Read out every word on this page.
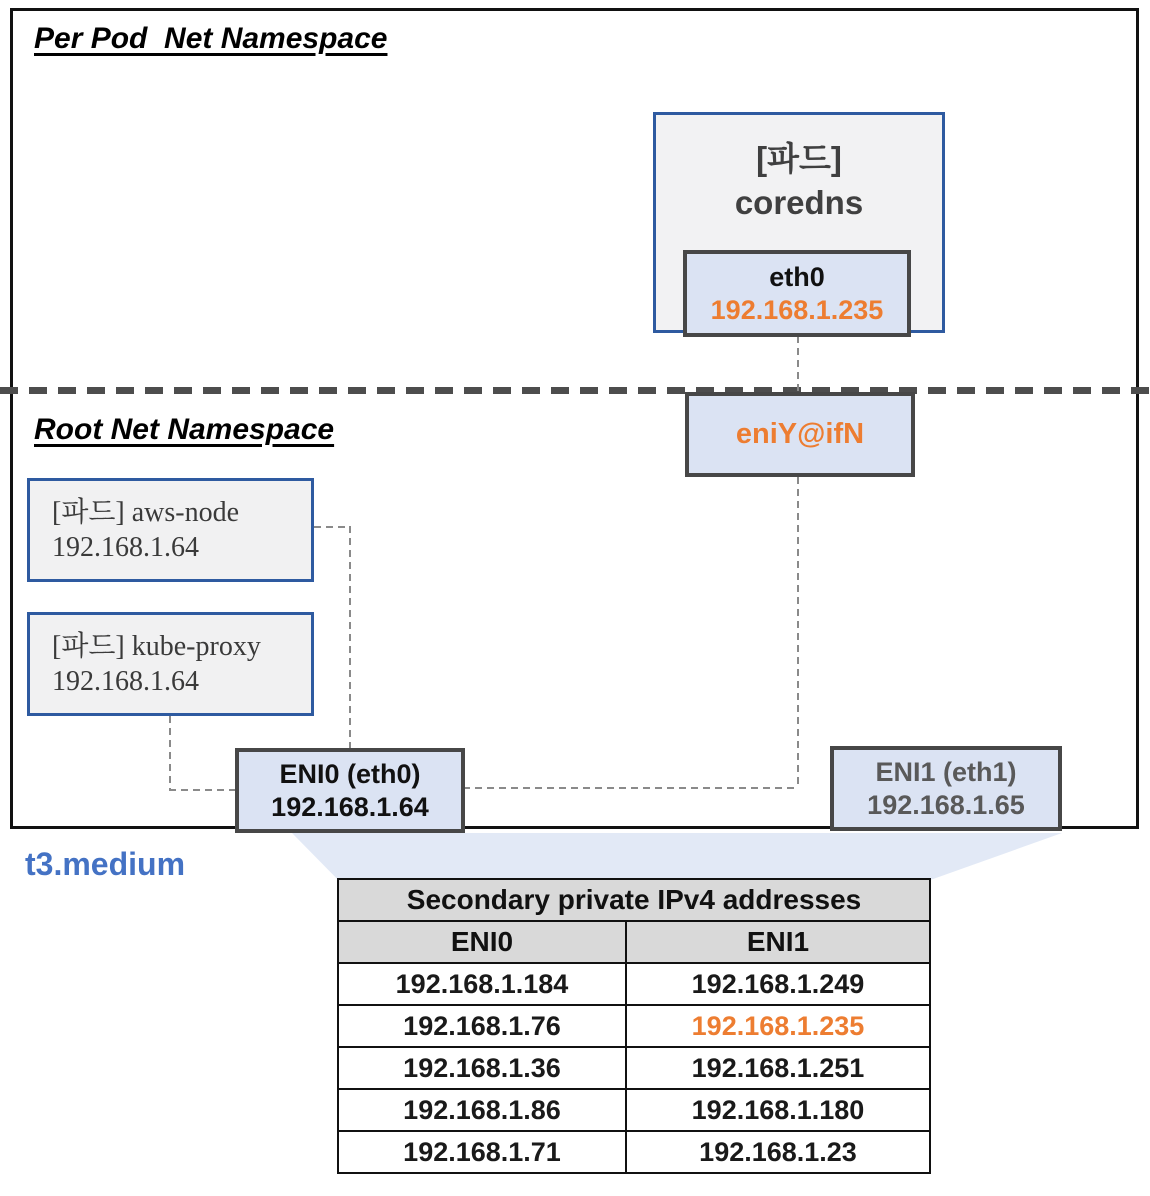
Per Pod  Net Namespace
Root Net Namespace
[파드]
coredns
eth0
192.168.1.235
eniY@ifN
[파드] aws-node
192.168.1.64
[파드] kube-proxy
192.168.1.64
ENI0 (eth0)
192.168.1.64
ENI1 (eth1)
192.168.1.65
t3.medium
Secondary private IPv4 addresses	
ENI0	ENI1
192.168.1.184	192.168.1.249
192.168.1.76	192.168.1.235
192.168.1.36	192.168.1.251
192.168.1.86	192.168.1.180
192.168.1.71	192.168.1.23
